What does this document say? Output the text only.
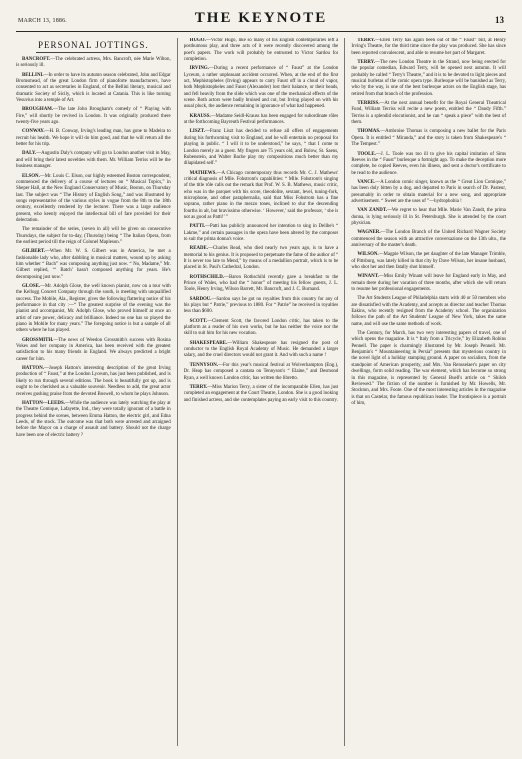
MARCH 13, 1886.	THE KEYNOTE	13
PERSONAL JOTTINGS.

BANCROFT.—The celebrated actress, Mrs. Bancroft, née Marie Wilton, is seriously ill.

BELLINI.—In order to have its autumn season celebrated, John and Edgar Bromsmead, of the great London firm of pianoforte manufacturers, have consented to act as secretaries in England, of the Bellini literary, musical and dramatic Society of Sicily, which is located at Catania. This is like turning Vesuvius into a temple of Art.

BROUGHAM.—The late John Brougham's comedy of “ Playing with Fire,” will shortly be revived in London. It was originally produced there twenty-five years ago.

CONWAY.—H. B. Conway, Irving's leading man, has gone to Madeira to recruit his health. We hope it will do him good, and that he will return all the better for his trip.

DALY.—Augustin Daly's company will go to London another visit in May, and will bring their latest novelties with them. Mr. William Terriss will be the business manager.

ELSON.—Mr. Louis C. Elson, our highly esteemed Boston correspondent, commenced the delivery of a course of lectures on “ Musical Topics,” in Sheper Hall, at the New England Conservatory of Music, Boston, on Thursday last. The subject was “ The History of English Song,” and was illustrated by songs representative of the various styles in vogue from the 8th to the 18th century, excellently rendered by the lecturer. There was a large audience present, who keenly enjoyed the intellectual bill of fare provided for their delectation.

The remainder of the series, (seven in all) will be given on consecutive Thursdays, the subject for to-day, (Thursday) being “ The Italian Opera, from the earliest period till the reign of Colonel Mapleson.”

GILBERT.—When Mr. W. S. Gilbert was in America, he met a fashionable lady who, after dabbling in musical matters, wound up by asking him whether “ Bach” was composing anything just now. “ No, Madame,” Mr. Gilbert replied, “‘ Batch’ hasn't composed anything for years. He's decomposing just now.”

GLOSE.—Mr. Adolph Glose, the well known pianist, now on a tour with the Kellogg Concert Company through the south, is meeting with unqualified success. The Mobile, Ala., Register, gives the following flattering notice of his performance in that city :—“ The greatest surprise of the evening was the pianist and accompanist, Mr. Adolph Glose, who proved himself at once an artist of rare power, delicacy and brilliance. Indeed no one has so played the piano in Mobile for many years.” The foregoing notice is but a sample of all others where he has played.

GROSSMITH.—The news of Weedon Grossmith's success with Rosina Vokes and her company in America, has been received with the greatest satisfaction to his many friends in England. We always predicted a bright career for him.

HATTON.—Joseph Hatton's interesting description of the great Irving production of “ Faust,” at the London Lyceum, has just been published, and is likely to run through several editions. The book is beautifully got up, and is ought to be cherished as a valuable souvenir. Needless to add, the great actor receives gushing praise from the devoted Boswell, to whom he plays Johnson.

HATTON—LEEDS.—While the audience was lately watching the play at the Theatre Comique, Lafayette, Ind., they were totally ignorant of a battle in progress behind the scenes, between Emma Hatton, the electric girl, and Edna Leeds, of the stock. The outcome was that both were arrested and arraigned before the Mayor on a charge of assault and battery. Should not the charge have been one of electric battery ?

HUGO.—Victor Hugo, like so many of his English contemporaries left a posthumous play, and three acts of it were recently discovered among the poet's papers. The work will probably be entrusted to Victor Sardou for completion.

IRVING.—During a recent performance of “ Faust” at the London Lyceum, a rather unpleasant accident occurred. When, at the end of the first act, Mephistopheles (Irving) appears to carry Faust off in a cloud of vapor, both Mephistopheles and Faust (Alexander) lost their balance, or their heads, and fell heavily from the slide which was one of the mechanical effects of the scene. Both actors were badly bruised and cut, but Irving played on with his usual pluck, the audience remaining in ignorance of what had happened.

KRAUSS.—Madame Seidl-Krauss has been engaged for subordinate rôles at the forthcoming Bayreuth Festival performances.

LISZT.—Franz Liszt has decided to refuse all offers of engagements during his forthcoming visit to England, and he will entertain no proposal for playing in public. “ I will it to be understood,” he says, “ that I come to London merely as a guest. My fingers are 75 years old, and Bulow, St. Saens, Rubenstein, and Walter Bache play my compositions much better than my dilapidated self.”

MATHEWS.—A Chicago contemporary thus records Mr. C. J. Mathews' critical diagnosis of Mlle. Fohstrom's capabilities: “ Mlle. Fohstrom's singing of the title rôle calls out the remark that Prof. W. S. B. Mathews, music critic, who was in the parquet with his score, theodolite, sextant, level, tuning-fork, microphone, and other paraphernalia, said that Miss Fohstrom has a fine soprano, rather piano in the mezzo tones, inclined to slur the descending fourths in alt, but bravissimo otherwise. ‘ However,’ said the professor, ‘ she is not as good as Patti!’ ”

PATTI.—Patti has publicly announced her intention to sing in Delibe's “ Lakme,” and certain passages in the opera have been altered by the composer to suit the prima donna's voice.

READE.—Charles Read, who died nearly two years ago, is to have a memorial to his genius. It is proposed to perpetuate the fame of the author of “ It is never too late to Mend,” by means of a medallion portrait, which is to be placed in St. Paul's Cathedral, London.

ROTHSCHILD.—Baron Rothschild recently gave a breakfast to the Prince of Wales, who had the “ honor” of meeting his fellow guests, J. L. Toole, Henry Irving, Wilson Barrett, Mr. Bancroft, and J. C. Burnand.

SARDOU.—Sardou says he got no royalties from this country for any of his plays but “ Patrie,” previous to 1880. For “ Patrie” he received in royalties less than $600.

SCOTT.—Clement Scott, the favored London critic, has taken to the platform as a reader of his own works, but he has neither the voice nor the skill to suit him for his new vocation.

SHAKESPEARE.—William Shakespeare has resigned the post of conductor to the English Royal Academy of Music. He demanded a larger salary, and the cruel directors would not grant it. And with such a name !

TENNYSON.—For this year's musical festival at Wolverhampton (Eng.), Dr. Heap has composed a cantata on Tennyson's “ Elaine,” and Desmond Ryan, a well known London critic, has written the libretto.

TERRY.—Miss Marion Terry, a sister of the incomparable Ellen, has just completed an engagement at the Court Theatre, London. She is a good looking and finished actress, and she contemplates paying an early visit to this country.

TERRY.—Ellen Terry has again been out of the “ Faust” bill, at Henry Irving's Theatre, for the third time since the play was produced. She has since been reported convalescent, and able to resume her part of Margaret.

TERRY.—The new London Theatre in the Strand, now being erected for the popular comedian, Edward Terry, will be opened next autumn. It will probably be called “ Terry's Theatre,” and it is to be devoted to light pieces and musical burletas of the comic opera type. Burlesque will be banished as Terry, who by the way, is one of the best burlesque actors on the English stage, has retired from that branch of the profession.

TERRISS.—At the next annual benefit for the Royal General Theatrical Fund, William Terriss will recite a new poem, entitled the “ Dandy Fifth.” Terriss is a splendid elocutionist, and he can “ speak a piece” with the best of them.

THOMAS.—Ambroise Thomas is composing a new ballet for the Paris Opera. It is entitled “ Miranda,” and the story is taken from Shakespeare's “ The Tempest.”

TOOLE.—J. L. Toole was too ill to give his capital imitation of Sims Reeves in the “ Faust” burlesque a fortnight ago. To make the deception more complete, he copied Reeves, even his illness, and sent a doctor's certificate to be read to the audience.

VANCE.—A London comic singer, known as the “ Great Lion Comique,” has been duly bitten by a dog, and departed to Paris in search of Dr. Pasteur, presumably in order to obtain material for a new song, and appropriate advertisement. “ Sweet are the uses of ”—hydrophobia !

VAN ZANDT.—We regret to hear that Mlle. Marie Van Zandt, the prima donna, is lying seriously ill in St. Petersburgh. She is attended by the court physician.

WAGNER.—The London Branch of the United Richard Wagner Society commenced the season with an attractive conversazione on the 13th ulto., the anniversary of the master's death.

WILSON.—Magpie Wilson, the pet daughter of the late Manager Trimble, of Pittsburg, was lately killed in that city by Dave Wilson, her insane husband, who shot her and then fatally shot himself.

WINANT.—Miss Emily Winant will leave for England early in May, and remain there during her vacation of three months, after which she will return to resume her professional engagements.

The Art Students League of Philadelphia starts with 40 or 50 members who are dissatisfied with the Academy, and accepts as director and teacher Thomas Eakins, who recently resigned from the Academy school. The organization follows the path of the Art Students' League of New York, takes the same name, and will use the same methods of work.

The Century, for March, has two very interesting papers of travel, one of which opens the magazine. It is “ Italy from a Tricycle,” by Elizabeth Robins Pennell. The paper is charmingly illustrated by Mr. Joseph Pennell. Mr. Benjamin's “ Mountaineering in Persia” presents that mysterious country in the novel light of a holiday stamping ground. A paper on socialism, from the standpoint of American prosperity, and Mrs. Van Rensselaer's paper on city dwellings, form solid reading. The war element, which has become so strong in this magazine, is represented by General Buell's article on “ Shiloh Reviewed.” The fiction of the number is furnished by Mr. Howells, Mr. Stockton, and Mrs. Foote. One of the most interesting articles in the magazine is that on Castelar, the famous republican leader. The frontispiece is a portrait of him,
